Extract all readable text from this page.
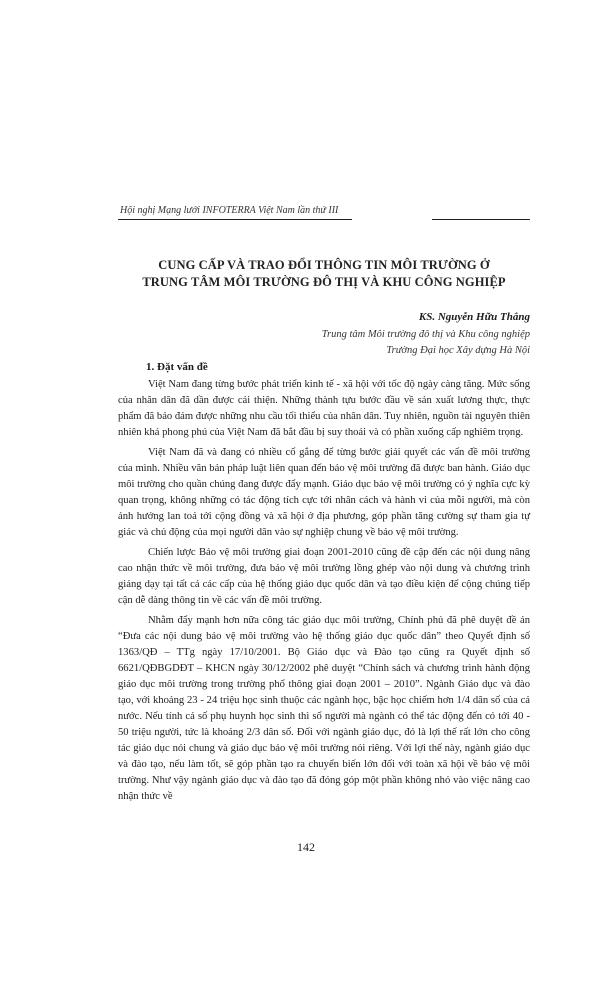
Hội nghị Mạng lưới INFOTERRA Việt Nam lần thứ III
CUNG CẤP VÀ TRAO ĐỔI THÔNG TIN MÔI TRƯỜNG Ở
TRUNG TÂM MÔI TRƯỜNG ĐÔ THỊ VÀ KHU CÔNG NGHIỆP
KS. Nguyễn Hữu Thắng
Trung tâm Môi trường đô thị và Khu công nghiệp
Trường Đại học Xây dựng Hà Nội
1. Đặt vấn đề

Việt Nam đang từng bước phát triển kinh tế - xã hội với tốc độ ngày càng tăng. Mức sống của nhân dân đã dần được cải thiện. Những thành tựu bước đầu về sản xuất lương thực, thực phẩm đã bảo đảm được những nhu cầu tối thiểu của nhân dân. Tuy nhiên, nguồn tài nguyên thiên nhiên khá phong phú của Việt Nam đã bắt đầu bị suy thoái và có phần xuống cấp nghiêm trọng.

Việt Nam đã và đang có nhiều cố gắng để từng bước giải quyết các vấn đề môi trường của mình. Nhiều văn bản pháp luật liên quan đến bảo vệ môi trường đã được ban hành. Giáo dục môi trường cho quần chúng đang được đẩy mạnh. Giáo dục bảo vệ môi trường có ý nghĩa cực kỳ quan trọng, không những có tác động tích cực tới nhân cách và hành vi của mỗi người, mà còn ảnh hưởng lan toả tới cộng đồng và xã hội ở địa phương, góp phần tăng cường sự tham gia tự giác và chủ động của mọi người dân vào sự nghiệp chung về bảo vệ môi trường.

Chiến lược Bảo vệ môi trường giai đoạn 2001-2010 cũng đề cập đến các nội dung nâng cao nhận thức về môi trường, đưa bảo vệ môi trường lồng ghép vào nội dung và chương trình giảng dạy tại tất cả các cấp của hệ thống giáo dục quốc dân và tạo điều kiện để cộng chúng tiếp cận dễ dàng thông tin về các vấn đề môi trường.

Nhằm đẩy mạnh hơn nữa công tác giáo dục môi trường, Chính phủ đã phê duyệt đề án “Đưa các nội dung bảo vệ môi trường vào hệ thống giáo dục quốc dân” theo Quyết định số 1363/QĐ – TTg ngày 17/10/2001. Bộ Giáo dục và Đào tạo cũng ra Quyết định số 6621/QĐBGDĐT – KHCN ngày 30/12/2002 phê duyệt “Chính sách và chương trình hành động giáo dục môi trường trong trường phổ thông giai đoạn 2001 – 2010”. Ngành Giáo dục và đào tạo, với khoảng 23 - 24 triệu học sinh thuộc các ngành học, bậc học chiếm hơn 1/4 dân số của cả nước. Nếu tính cả số phụ huynh học sinh thì số người mà ngành có thể tác động đến có tới 40 - 50 triệu người, tức là khoảng 2/3 dân số. Đối với ngành giáo dục, đó là lợi thế rất lớn cho công tác giáo dục nói chung và giáo dục bảo vệ môi trường nói riêng. Với lợi thế này, ngành giáo dục và đào tạo, nếu làm tốt, sẽ góp phần tạo ra chuyển biến lớn đối với toàn xã hội về bảo vệ môi trường. Như vậy ngành giáo dục và đào tạo đã đóng góp một phần không nhỏ vào việc nâng cao nhận thức về

142
